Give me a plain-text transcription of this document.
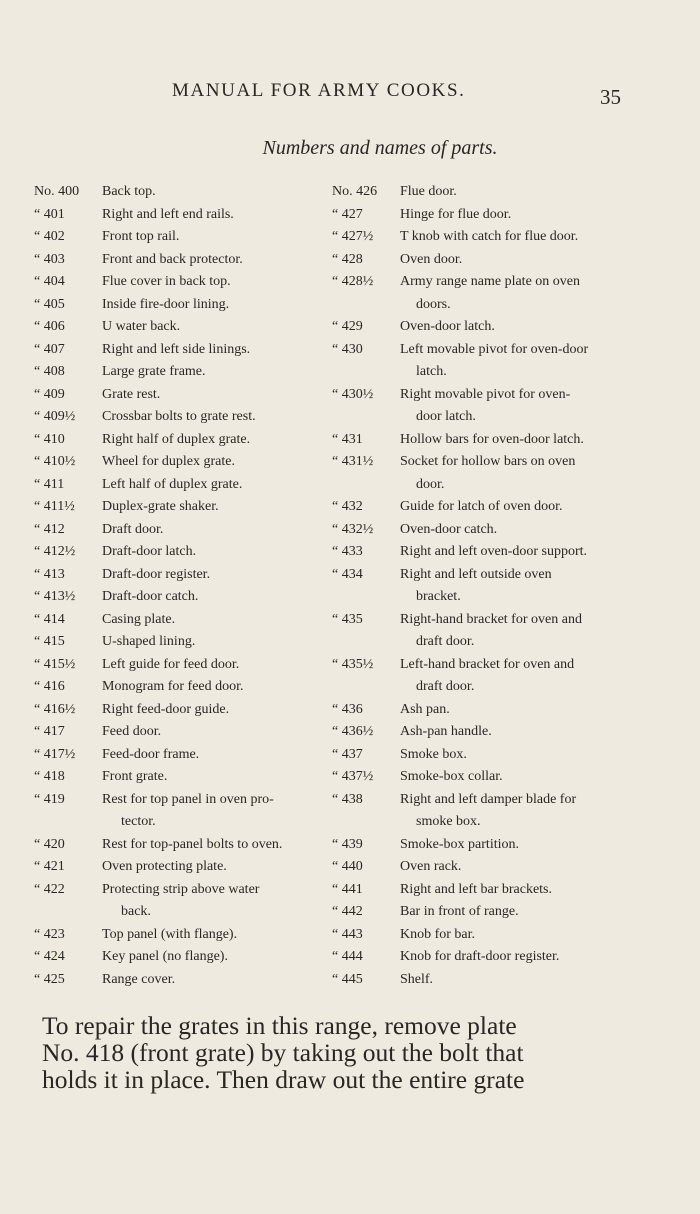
MANUAL FOR ARMY COOKS.	35
Numbers and names of parts.
No. 400	Back top.
“ 401	Right and left end rails.
“ 402	Front top rail.
“ 403	Front and back protector.
“ 404	Flue cover in back top.
“ 405	Inside fire-door lining.
“ 406	U water back.
“ 407	Right and left side linings.
“ 408	Large grate frame.
“ 409	Grate rest.
“ 409½	Crossbar bolts to grate rest.
“ 410	Right half of duplex grate.
“ 410½	Wheel for duplex grate.
“ 411	Left half of duplex grate.
“ 411½	Duplex-grate shaker.
“ 412	Draft door.
“ 412½	Draft-door latch.
“ 413	Draft-door register.
“ 413½	Draft-door catch.
“ 414	Casing plate.
“ 415	U-shaped lining.
“ 415½	Left guide for feed door.
“ 416	Monogram for feed door.
“ 416½	Right feed-door guide.
“ 417	Feed door.
“ 417½	Feed-door frame.
“ 418	Front grate.
“ 419	Rest for top panel in oven pro-
tector.
“ 420	Rest for top-panel bolts to oven.
“ 421	Oven protecting plate.
“ 422	Protecting strip above water
back.
“ 423	Top panel (with flange).
“ 424	Key panel (no flange).
“ 425	Range cover.
No. 426	Flue door.
“ 427	Hinge for flue door.
“ 427½	T knob with catch for flue door.
“ 428	Oven door.
“ 428½	Army range name plate on oven
doors.
“ 429	Oven-door latch.
“ 430	Left movable pivot for oven-door
latch.
“ 430½	Right movable pivot for oven-
door latch.
“ 431	Hollow bars for oven-door latch.
“ 431½	Socket for hollow bars on oven
door.
“ 432	Guide for latch of oven door.
“ 432½	Oven-door catch.
“ 433	Right and left oven-door support.
“ 434	Right and left outside oven
bracket.
“ 435	Right-hand bracket for oven and
draft door.
“ 435½	Left-hand bracket for oven and
draft door.
“ 436	Ash pan.
“ 436½	Ash-pan handle.
“ 437	Smoke box.
“ 437½	Smoke-box collar.
“ 438	Right and left damper blade for
smoke box.
“ 439	Smoke-box partition.
“ 440	Oven rack.
“ 441	Right and left bar brackets.
“ 442	Bar in front of range.
“ 443	Knob for bar.
“ 444	Knob for draft-door register.
“ 445	Shelf.
To repair the grates in this range, remove plate
No. 418 (front grate) by taking out the bolt that
holds it in place. Then draw out the entire grate
